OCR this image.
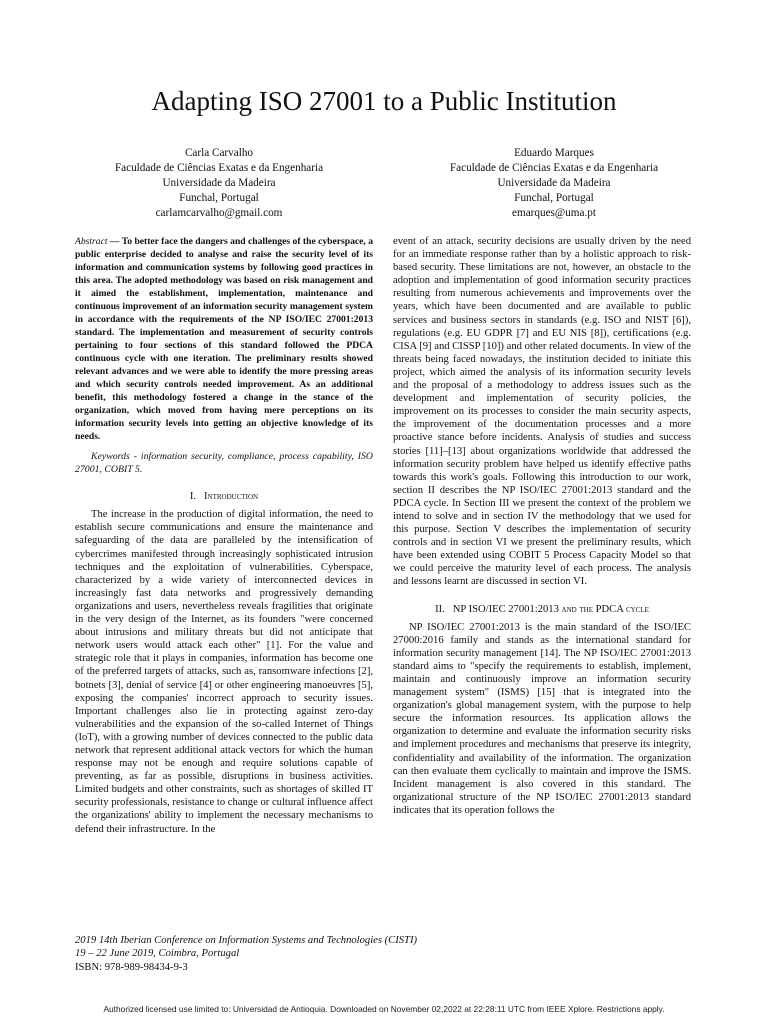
Adapting ISO 27001 to a Public Institution
Carla Carvalho
Faculdade de Ciências Exatas e da Engenharia
Universidade da Madeira
Funchal, Portugal
carlamcarvalho@gmail.com
Eduardo Marques
Faculdade de Ciências Exatas e da Engenharia
Universidade da Madeira
Funchal, Portugal
emarques@uma.pt
Abstract — To better face the dangers and challenges of the cyberspace, a public enterprise decided to analyse and raise the security level of its information and communication systems by following good practices in this area. The adopted methodology was based on risk management and it aimed the establishment, implementation, maintenance and continuous improvement of an information security management system in accordance with the requirements of the NP ISO/IEC 27001:2013 standard. The implementation and measurement of security controls pertaining to four sections of this standard followed the PDCA continuous cycle with one iteration. The preliminary results showed relevant advances and we were able to identify the more pressing areas and which security controls needed improvement. As an additional benefit, this methodology fostered a change in the stance of the organization, which moved from having mere perceptions on its information security levels into getting an objective knowledge of its needs.
Keywords - information security, compliance, process capability, ISO 27001, COBIT 5.
I. Introduction

The increase in the production of digital information, the need to establish secure communications and ensure the maintenance and safeguarding of the data are paralleled by the intensification of cybercrimes manifested through increasingly sophisticated intrusion techniques and the exploitation of vulnerabilities. Cyberspace, characterized by a wide variety of interconnected devices in increasingly fast data networks and progressively demanding organizations and users, nevertheless reveals fragilities that originate in the very design of the Internet, as its founders "were concerned about intrusions and military threats but did not anticipate that network users would attack each other" [1]. For the value and strategic role that it plays in companies, information has become one of the preferred targets of attacks, such as, ransomware infections [2], botnets [3], denial of service [4] or other engineering manoeuvres [5], exposing the companies' incorrect approach to security issues. Important challenges also lie in protecting against zero-day vulnerabilities and the expansion of the so-called Internet of Things (IoT), with a growing number of devices connected to the public data network that represent additional attack vectors for which the human response may not be enough and require solutions capable of preventing, as far as possible, disruptions in business activities. Limited budgets and other constraints, such as shortages of skilled IT security professionals, resistance to change or cultural influence affect the organizations' ability to implement the necessary mechanisms to defend their infrastructure. In the

event of an attack, security decisions are usually driven by the need for an immediate response rather than by a holistic approach to risk-based security. These limitations are not, however, an obstacle to the adoption and implementation of good information security practices resulting from numerous achievements and improvements over the years, which have been documented and are available to public services and business sectors in standards (e.g. ISO and NIST [6]), regulations (e.g. EU GDPR [7] and EU NIS [8]), certifications (e.g. CISA [9] and CISSP [10]) and other related documents. In view of the threats being faced nowadays, the institution decided to initiate this project, which aimed the analysis of its information security levels and the proposal of a methodology to address issues such as the development and implementation of security policies, the improvement on its processes to consider the main security aspects, the improvement of the documentation processes and a more proactive stance before incidents. Analysis of studies and success stories [11]–[13] about organizations worldwide that addressed the information security problem have helped us identify effective paths towards this work's goals. Following this introduction to our work, section II describes the NP ISO/IEC 27001:2013 standard and the PDCA cycle. In Section III we present the context of the problem we intend to solve and in section IV the methodology that we used for this purpose. Section V describes the implementation of security controls and in section VI we present the preliminary results, which have been extended using COBIT 5 Process Capacity Model so that we could perceive the maturity level of each process. The analysis and lessons learnt are discussed in section VI.

II. NP ISO/IEC 27001:2013 and the PDCA cycle

NP ISO/IEC 27001:2013 is the main standard of the ISO/IEC 27000:2016 family and stands as the international standard for information security management [14]. The NP ISO/IEC 27001:2013 standard aims to "specify the requirements to establish, implement, maintain and continuously improve an information security management system" (ISMS) [15] that is integrated into the organization's global management system, with the purpose to help secure the information resources. Its application allows the organization to determine and evaluate the information security risks and implement procedures and mechanisms that preserve its integrity, confidentiality and availability of the information. The organization can then evaluate them cyclically to maintain and improve the ISMS. Incident management is also covered in this standard. The organizational structure of the NP ISO/IEC 27001:2013 standard indicates that its operation follows the

2019 14th Iberian Conference on Information Systems and Technologies (CISTI)
19 – 22 June 2019, Coimbra, Portugal
ISBN: 978-989-98434-9-3
Authorized licensed use limited to: Universidad de Antioquia. Downloaded on November 02,2022 at 22:28:11 UTC from IEEE Xplore. Restrictions apply.
